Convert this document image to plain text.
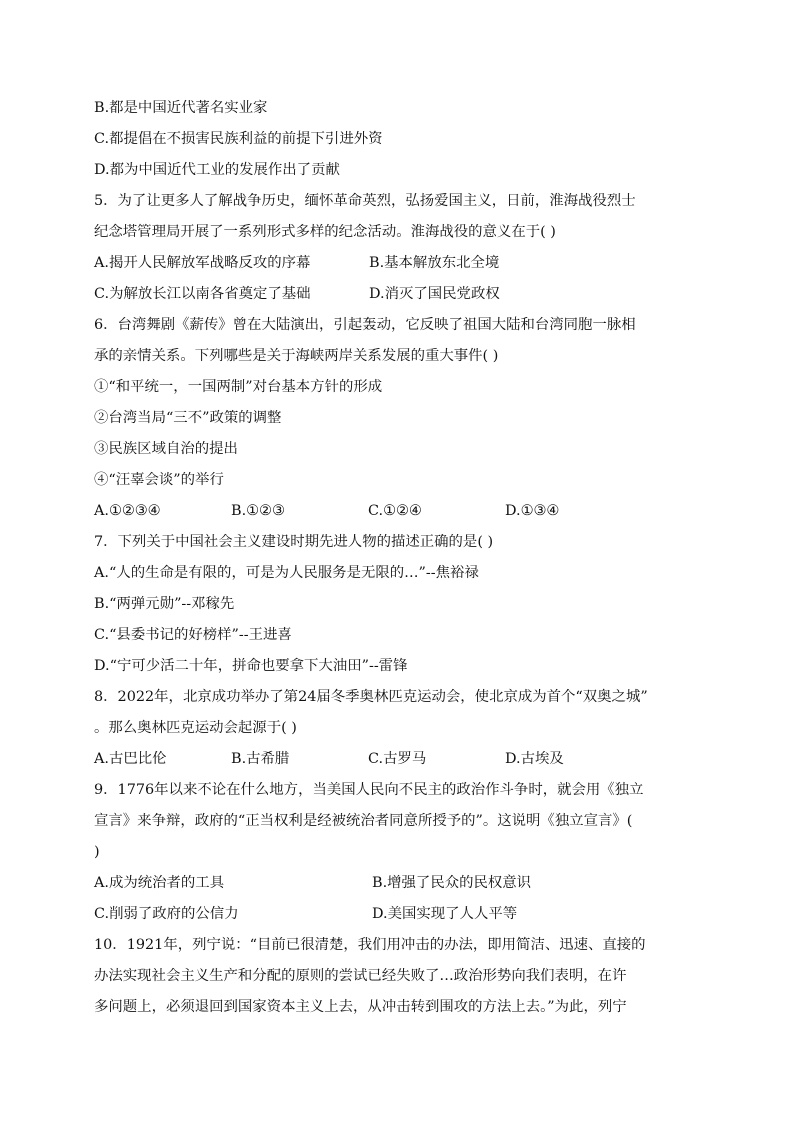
B.都是中国近代著名实业家
C.都提倡在不损害民族利益的前提下引进外资
D.都为中国近代工业的发展作出了贡献
5．为了让更多人了解战争历史，缅怀革命英烈，弘扬爱国主义，日前，淮海战役烈士
纪念塔管理局开展了一系列形式多样的纪念活动。淮海战役的意义在于( )
A.揭开人民解放军战略反攻的序幕	B.基本解放东北全境
C.为解放长江以南各省奠定了基础	D.消灭了国民党政权
6．台湾舞剧《薪传》曾在大陆演出，引起轰动，它反映了祖国大陆和台湾同胞一脉相
承的亲情关系。下列哪些是关于海峡两岸关系发展的重大事件( )
①“和平统一，一国两制”对台基本方针的形成
②台湾当局“三不”政策的调整
③民族区域自治的提出
④“汪辜会谈”的举行
A.①②③④	B.①②③	C.①②④	D.①③④
7．下列关于中国社会主义建设时期先进人物的描述正确的是( )
A.“人的生命是有限的，可是为人民服务是无限的…”--焦裕禄
B.“两弹元勋”--邓稼先
C.“县委书记的好榜样”--王进喜
D.“宁可少活二十年，拼命也要拿下大油田”--雷锋
8．2022年，北京成功举办了第24届冬季奥林匹克运动会，使北京成为首个“双奥之城”
。那么奥林匹克运动会起源于( )
A.古巴比伦	B.古希腊	C.古罗马	D.古埃及
9．1776年以来不论在什么地方，当美国人民向不民主的政治作斗争时，就会用《独立
宣言》来争辩，政府的“正当权利是经被统治者同意所授予的”。这说明《独立宣言》(
)
A.成为统治者的工具	B.增强了民众的民权意识
C.削弱了政府的公信力	D.美国实现了人人平等
10．1921年，列宁说：“目前已很清楚，我们用冲击的办法，即用简洁、迅速、直接的
办法实现社会主义生产和分配的原则的尝试已经失败了…政治形势向我们表明，在许
多问题上，必须退回到国家资本主义上去，从冲击转到围攻的方法上去。”为此，列宁
